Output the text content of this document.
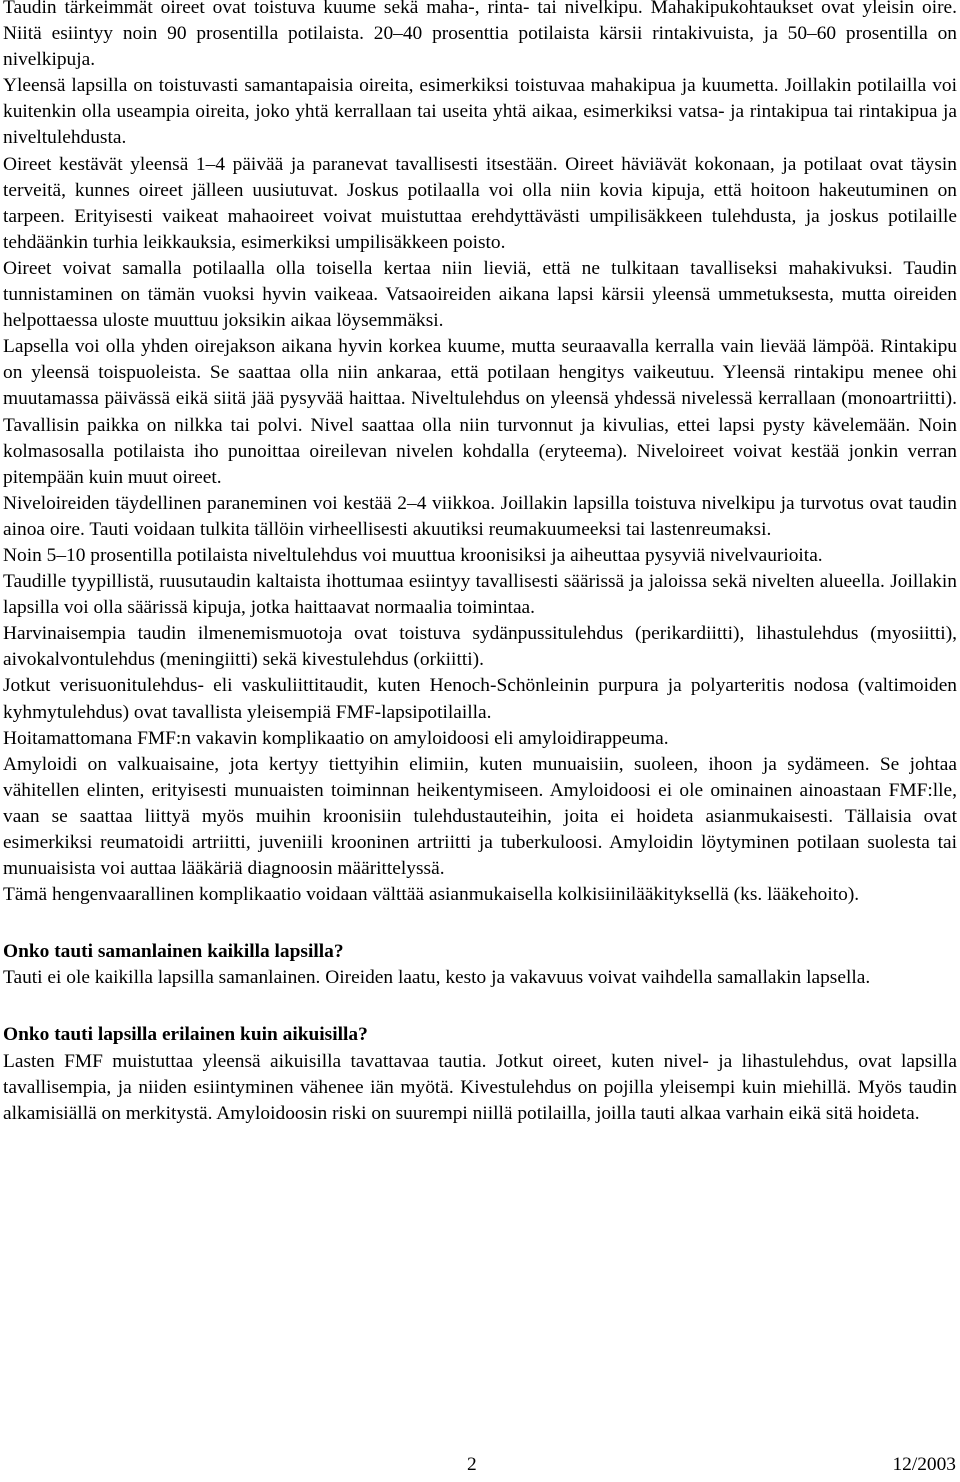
Taudin tärkeimmät oireet ovat toistuva kuume sekä maha-, rinta- tai nivelkipu. Mahakipukohtaukset ovat yleisin oire. Niitä esiintyy noin 90 prosentilla potilaista. 20–40 prosenttia potilaista kärsii rintakivuista, ja 50–60 prosentilla on nivelkipuja.

Yleensä lapsilla on toistuvasti samantapaisia oireita, esimerkiksi toistuvaa mahakipua ja kuumetta. Joillakin potilailla voi kuitenkin olla useampia oireita, joko yhtä kerrallaan tai useita yhtä aikaa, esimerkiksi vatsa- ja rintakipua tai rintakipua ja niveltulehdusta.

Oireet kestävät yleensä 1–4 päivää ja paranevat tavallisesti itsestään. Oireet häviävät kokonaan, ja potilaat ovat täysin terveitä, kunnes oireet jälleen uusiutuvat. Joskus potilaalla voi olla niin kovia kipuja, että hoitoon hakeutuminen on tarpeen. Erityisesti vaikeat mahaoireet voivat muistuttaa erehdyttävästi umpilisäkkeen tulehdusta, ja joskus potilaille tehdäänkin turhia leikkauksia, esimerkiksi umpilisäkkeen poisto.

Oireet voivat samalla potilaalla olla toisella kertaa niin lieviä, että ne tulkitaan tavalliseksi mahakivuksi. Taudin tunnistaminen on tämän vuoksi hyvin vaikeaa. Vatsaoireiden aikana lapsi kärsii yleensä ummetuksesta, mutta oireiden helpottaessa uloste muuttuu joksikin aikaa löysemmäksi.

Lapsella voi olla yhden oirejakson aikana hyvin korkea kuume, mutta seuraavalla kerralla vain lievää lämpöä. Rintakipu on yleensä toispuoleista. Se saattaa olla niin ankaraa, että potilaan hengitys vaikeutuu. Yleensä rintakipu menee ohi muutamassa päivässä eikä siitä jää pysyvää haittaa. Niveltulehdus on yleensä yhdessä nivelessä kerrallaan (monoartriitti). Tavallisin paikka on nilkka tai polvi. Nivel saattaa olla niin turvonnut ja kivulias, ettei lapsi pysty kävelemään. Noin kolmasosalla potilaista iho punoittaa oireilevan nivelen kohdalla (eryteema). Niveloireet voivat kestää jonkin verran pitempään kuin muut oireet.

Niveloireiden täydellinen paraneminen voi kestää 2–4 viikkoa. Joillakin lapsilla toistuva nivelkipu ja turvotus ovat taudin ainoa oire. Tauti voidaan tulkita tällöin virheellisesti akuutiksi reumakuumeeksi tai lastenreumaksi.

Noin 5–10 prosentilla potilaista niveltulehdus voi muuttua kroonisiksi ja aiheuttaa pysyviä nivelvaurioita.

Taudille tyypillistä, ruusutaudin kaltaista ihottumaa esiintyy tavallisesti säärissä ja jaloissa sekä nivelten alueella. Joillakin lapsilla voi olla säärissä kipuja, jotka haittaavat normaalia toimintaa.

Harvinaisempia taudin ilmenemismuotoja ovat toistuva sydänpussitulehdus (perikardiitti), lihastulehdus (myosiitti), aivokalvontulehdus (meningiitti) sekä kivestulehdus (orkiitti).

Jotkut verisuonitulehdus- eli vaskuliittitaudit, kuten Henoch-Schönleinin purpura ja polyarteritis nodosa (valtimoiden kyhmytulehdus) ovat tavallista yleisempiä FMF-lapsipotilailla.

Hoitamattomana FMF:n vakavin komplikaatio on amyloidoosi eli amyloidirappeuma.

Amyloidi on valkuaisaine, jota kertyy tiettyihin elimiin, kuten munuaisiin, suoleen, ihoon ja sydämeen. Se johtaa vähitellen elinten, erityisesti munuaisten toiminnan heikentymiseen. Amyloidoosi ei ole ominainen ainoastaan FMF:lle, vaan se saattaa liittyä myös muihin kroonisiin tulehdustauteihin, joita ei hoideta asianmukaisesti. Tällaisia ovat esimerkiksi reumatoidi artriitti, juveniili krooninen artriitti ja tuberkuloosi. Amyloidin löytyminen potilaan suolesta tai munuaisista voi auttaa lääkäriä diagnoosin määrittelyssä.

Tämä hengenvaarallinen komplikaatio voidaan välttää asianmukaisella kolkisiinilääkityksellä (ks. lääkehoito).

Onko tauti samanlainen kaikilla lapsilla?

Tauti ei ole kaikilla lapsilla samanlainen. Oireiden laatu, kesto ja vakavuus voivat vaihdella samallakin lapsella.

Onko tauti lapsilla erilainen kuin aikuisilla?

Lasten FMF muistuttaa yleensä aikuisilla tavattavaa tautia. Jotkut oireet, kuten nivel- ja lihastulehdus, ovat lapsilla tavallisempia, ja niiden esiintyminen vähenee iän myötä. Kivestulehdus on pojilla yleisempi kuin miehillä. Myös taudin alkamisiällä on merkitystä. Amyloidoosin riski on suurempi niillä potilailla, joilla tauti alkaa varhain eikä sitä hoideta.

2	12/2003
